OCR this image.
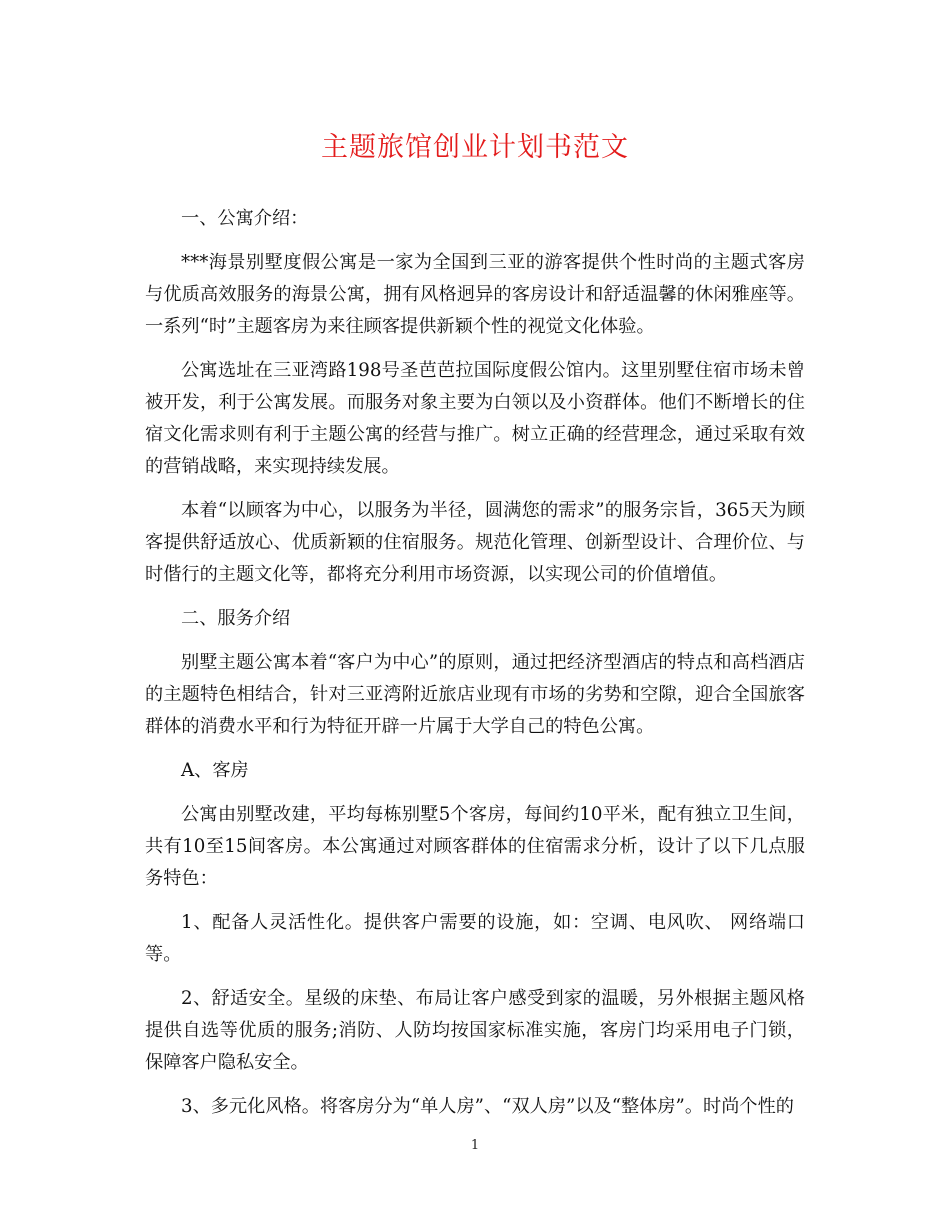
主题旅馆创业计划书范文

一、公寓介绍：

***海景别墅度假公寓是一家为全国到三亚的游客提供个性时尚的主题式客房与优质高效服务的海景公寓，拥有风格迥异的客房设计和舒适温馨的休闲雅座等。一系列“时”主题客房为来往顾客提供新颖个性的视觉文化体验。

公寓选址在三亚湾路198号圣芭芭拉国际度假公馆内。这里别墅住宿市场未曾被开发，利于公寓发展。而服务对象主要为白领以及小资群体。他们不断增长的住宿文化需求则有利于主题公寓的经营与推广。树立正确的经营理念，通过采取有效的营销战略，来实现持续发展。

本着“以顾客为中心，以服务为半径，圆满您的需求”的服务宗旨，365天为顾客提供舒适放心、优质新颖的住宿服务。规范化管理、创新型设计、合理价位、与时偕行的主题文化等，都将充分利用市场资源，以实现公司的价值增值。

二、服务介绍

别墅主题公寓本着“客户为中心”的原则，通过把经济型酒店的特点和高档酒店的主题特色相结合，针对三亚湾附近旅店业现有市场的劣势和空隙，迎合全国旅客群体的消费水平和行为特征开辟一片属于大学自己的特色公寓。

A、客房

公寓由别墅改建，平均每栋别墅5个客房，每间约10平米，配有独立卫生间，共有10至15间客房。本公寓通过对顾客群体的住宿需求分析，设计了以下几点服务特色：

1、配备人灵活性化。提供客户需要的设施，如：空调、电风吹、 网络端口等。

2、舒适安全。星级的床垫、布局让客户感受到家的温暖，另外根据主题风格提供自选等优质的服务;消防、人防均按国家标准实施，客房门均采用电子门锁，保障客户隐私安全。

3、多元化风格。将客房分为“单人房”、“双人房”以及“整体房”。时尚个性的

1
